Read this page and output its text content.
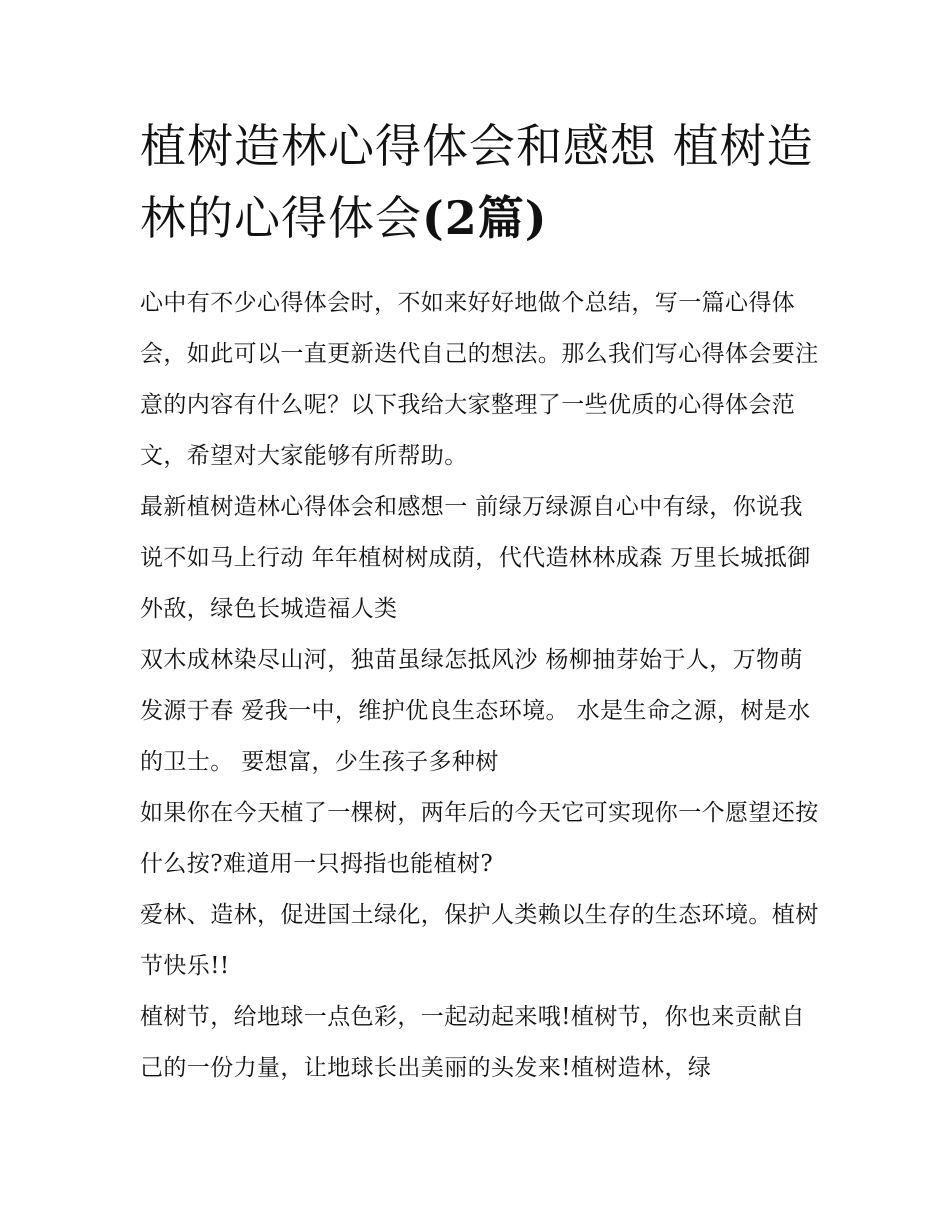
植树造林心得体会和感想 植树造林的心得体会(2篇)

心中有不少心得体会时，不如来好好地做个总结，写一篇心得体会，如此可以一直更新迭代自己的想法。那么我们写心得体会要注意的内容有什么呢？以下我给大家整理了一些优质的心得体会范文，希望对大家能够有所帮助。

最新植树造林心得体会和感想一 前绿万绿源自心中有绿，你说我说不如马上行动 年年植树树成荫，代代造林林成森 万里长城抵御外敌，绿色长城造福人类

双木成林染尽山河，独苗虽绿怎抵风沙 杨柳抽芽始于人，万物萌发源于春 爱我一中，维护优良生态环境。 水是生命之源，树是水的卫士。 要想富，少生孩子多种树

如果你在今天植了一棵树，两年后的今天它可实现你一个愿望还按什么按?难道用一只拇指也能植树?

爱林、造林，促进国土绿化，保护人类赖以生存的生态环境。植树节快乐!!

植树节，给地球一点色彩，一起动起来哦!植树节，你也来贡献自己的一份力量，让地球长出美丽的头发来!植树造林，绿
